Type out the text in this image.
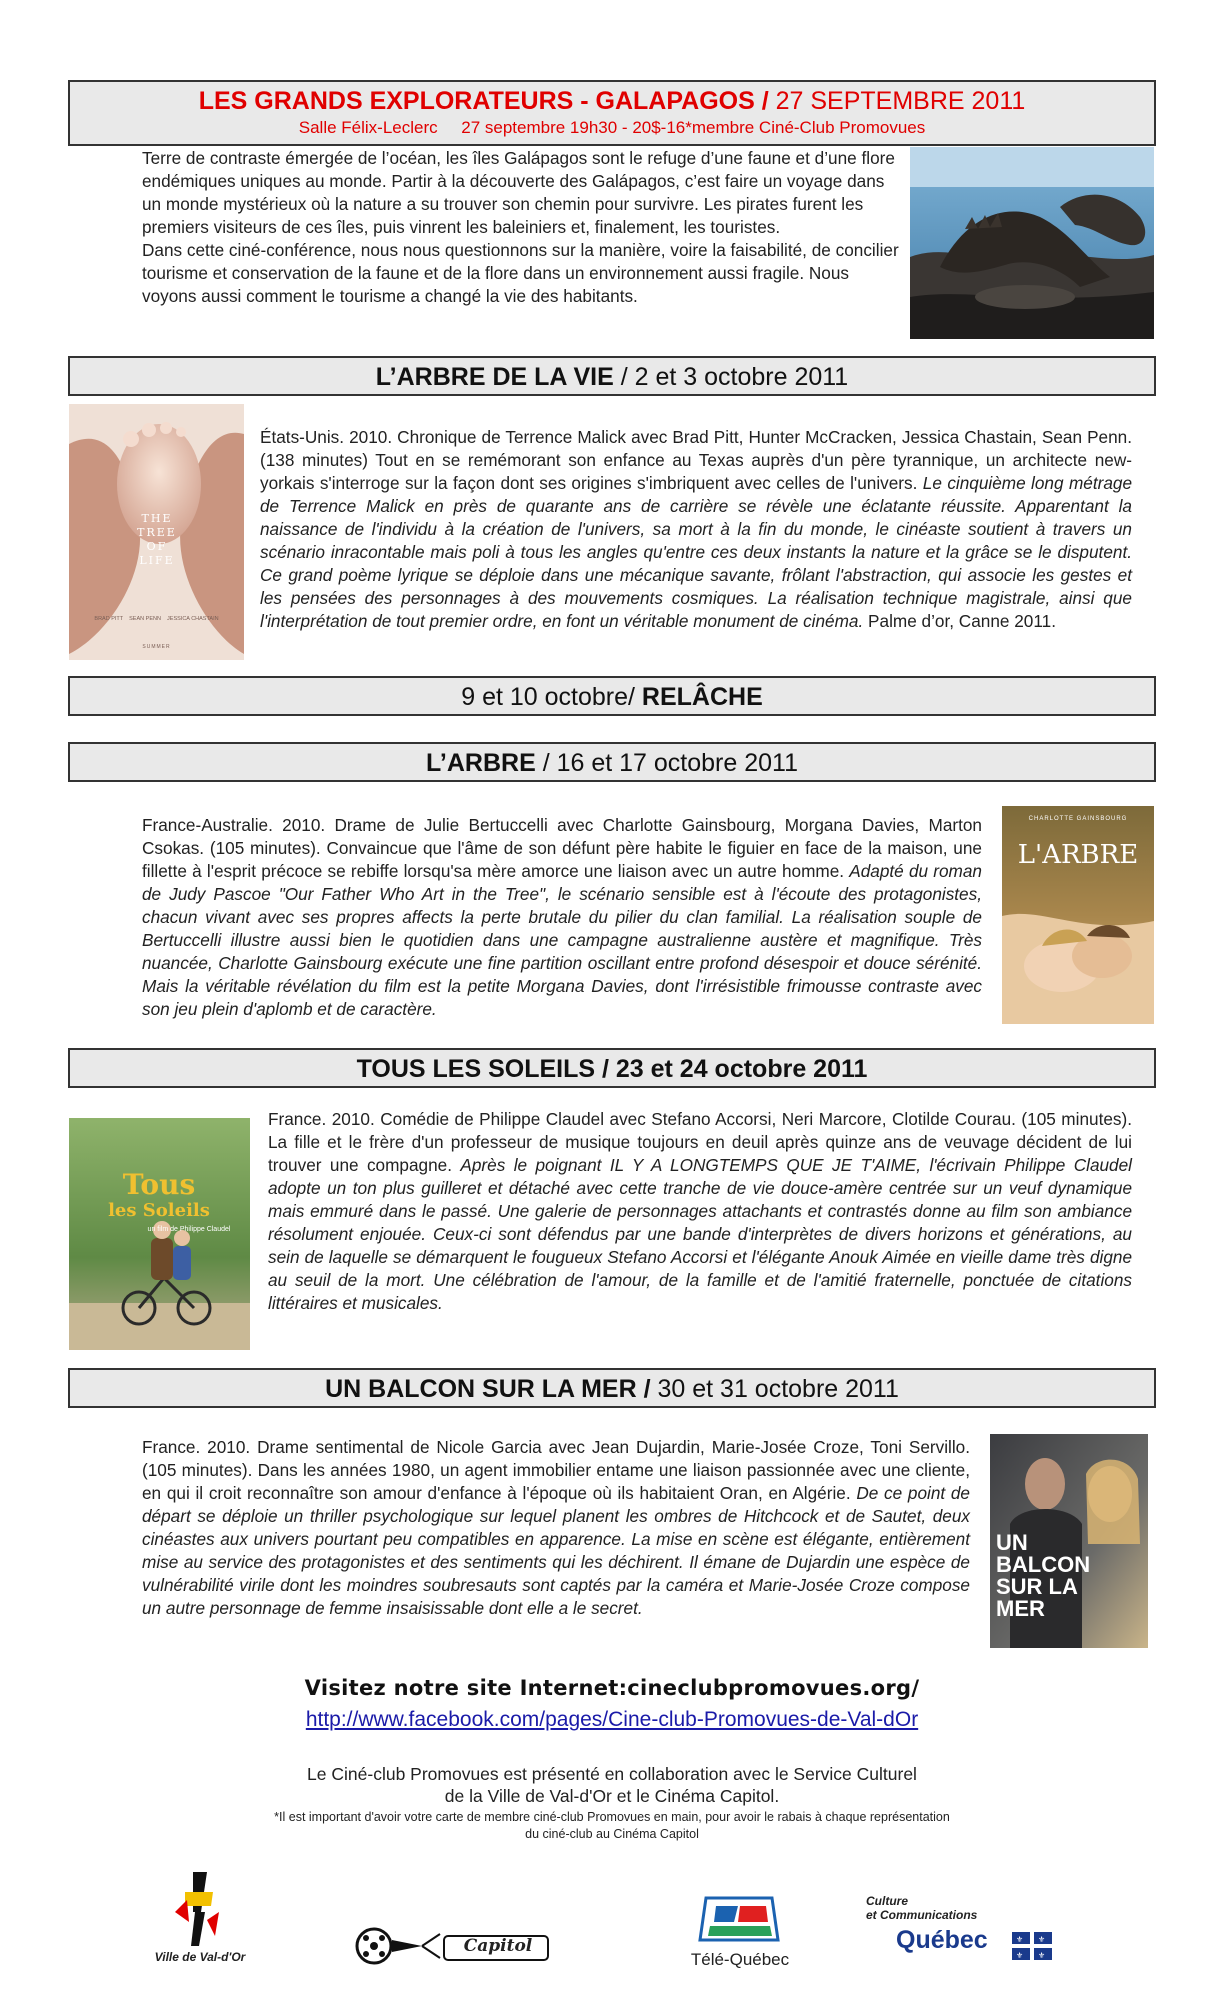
LES GRANDS EXPLORATEURS - GALAPAGOS / 27 SEPTEMBRE 2011
Salle Félix-Leclerc     27 septembre 19h30 - 20$-16*membre Ciné-Club Promovues
Terre de contraste émergée de l’océan, les îles Galápagos sont le refuge d’une faune et d’une flore endémiques uniques au monde. Partir à la découverte des Galápagos, c’est faire un voyage dans un monde mystérieux où la nature a su trouver son chemin pour survivre. Les pirates furent les premiers visiteurs de ces îles, puis vinrent les baleiniers et, finalement, les touristes.
Dans cette ciné-conférence, nous nous questionnons sur la manière, voire la faisabilité, de concilier tourisme et conservation de la faune et de la flore dans un environnement aussi fragile. Nous voyons aussi comment le tourisme a changé la vie des habitants.
L’ARBRE DE LA VIE / 2 et 3 octobre 2011
THE TREE OF LIFE
BRAD PITT    SEAN PENN    JESSICA CHASTAIN
SUMMER
États-Unis. 2010. Chronique de Terrence Malick avec Brad Pitt, Hunter McCracken, Jessica Chastain, Sean Penn. (138 minutes) Tout en se remémorant son enfance au Texas auprès d'un père tyrannique, un architecte new-yorkais s'interroge sur la façon dont ses origines s'imbriquent avec celles de l'univers. Le cinquième long métrage de Terrence Malick en près de quarante ans de carrière se révèle une éclatante réussite. Apparentant la naissance de l'individu à la création de l'univers, sa mort à la fin du monde, le cinéaste soutient à travers un scénario inracontable mais poli à tous les angles qu'entre ces deux instants la nature et la grâce se le disputent. Ce grand poème lyrique se déploie dans une mécanique savante, frôlant l'abstraction, qui associe les gestes et les pensées des personnages à des mouvements cosmiques. La réalisation technique magistrale, ainsi que l'interprétation de tout premier ordre, en font un véritable monument de cinéma. Palme d’or, Canne 2011.
9 et 10 octobre/ RELÂCHE
L’ARBRE / 16 et 17 octobre 2011
France-Australie. 2010. Drame de Julie Bertuccelli avec Charlotte Gainsbourg, Morgana Davies, Marton Csokas. (105 minutes). Convaincue que l'âme de son défunt père habite le figuier en face de la maison, une fillette à l'esprit précoce se rebiffe lorsqu'sa mère amorce une liaison avec un autre homme. Adapté du roman de Judy Pascoe "Our Father Who Art in the Tree", le scénario sensible est à l'écoute des protagonistes, chacun vivant avec ses propres affects la perte brutale du pilier du clan familial. La réalisation souple de Bertuccelli illustre aussi bien le quotidien dans une campagne australienne austère et magnifique. Très nuancée, Charlotte Gainsbourg exécute une fine partition oscillant entre profond désespoir et douce sérénité. Mais la véritable révélation du film est la petite Morgana Davies, dont l'irrésistible frimousse contraste avec son jeu plein d'aplomb et de caractère.
CHARLOTTE GAINSBOURG
L'ARBRE
TOUS LES SOLEILS / 23 et 24 octobre 2011
Tous
les Soleils
un film de Philippe Claudel
France. 2010. Comédie de Philippe Claudel avec Stefano Accorsi, Neri Marcore, Clotilde Courau. (105 minutes). La fille et le frère d'un professeur de musique toujours en deuil après quinze ans de veuvage décident de lui trouver une compagne. Après le poignant IL Y A LONGTEMPS QUE JE T'AIME, l'écrivain Philippe Claudel adopte un ton plus guilleret et détaché avec cette tranche de vie douce-amère centrée sur un veuf dynamique mais emmuré dans le passé. Une galerie de personnages attachants et contrastés donne au film son ambiance résolument enjouée. Ceux-ci sont défendus par une bande d'interprètes de divers horizons et générations, au sein de laquelle se démarquent le fougueux Stefano Accorsi et l'élégante Anouk Aimée en vieille dame très digne au seuil de la mort. Une célébration de l'amour, de la famille et de l'amitié fraternelle, ponctuée de citations littéraires et musicales.
UN BALCON SUR LA MER / 30 et 31 octobre 2011
France. 2010. Drame sentimental de Nicole Garcia avec Jean Dujardin, Marie-Josée Croze, Toni Servillo. (105 minutes). Dans les années 1980, un agent immobilier entame une liaison passionnée avec une cliente, en qui il croit reconnaître son amour d'enfance à l'époque où ils habitaient Oran, en Algérie. De ce point de départ se déploie un thriller psychologique sur lequel planent les ombres de Hitchcock et de Sautet, deux cinéastes aux univers pourtant peu compatibles en apparence. La mise en scène est élégante, entièrement mise au service des protagonistes et des sentiments qui les déchirent. Il émane de Dujardin une espèce de vulnérabilité virile dont les moindres soubresauts sont captés par la caméra et Marie-Josée Croze compose un autre personnage de femme insaisissable dont elle a le secret.
UN BALCON SUR LA MER
Visitez notre site Internet:cineclubpromovues.org/
http://www.facebook.com/pages/Cine-club-Promovues-de-Val-dOr
Le Ciné-club Promovues est présenté en collaboration avec le Service Culturel
de la Ville de Val-d'Or et le Cinéma Capitol.
*Il est important d'avoir votre carte de membre ciné-club Promovues en main, pour avoir le rabais à chaque représentation
du ciné-club au Cinéma Capitol
Ville de Val-d'Or
Capitol
Télé-Québec
Culture
et Communications
Québec	⚜ ⚜
⚜ ⚜
